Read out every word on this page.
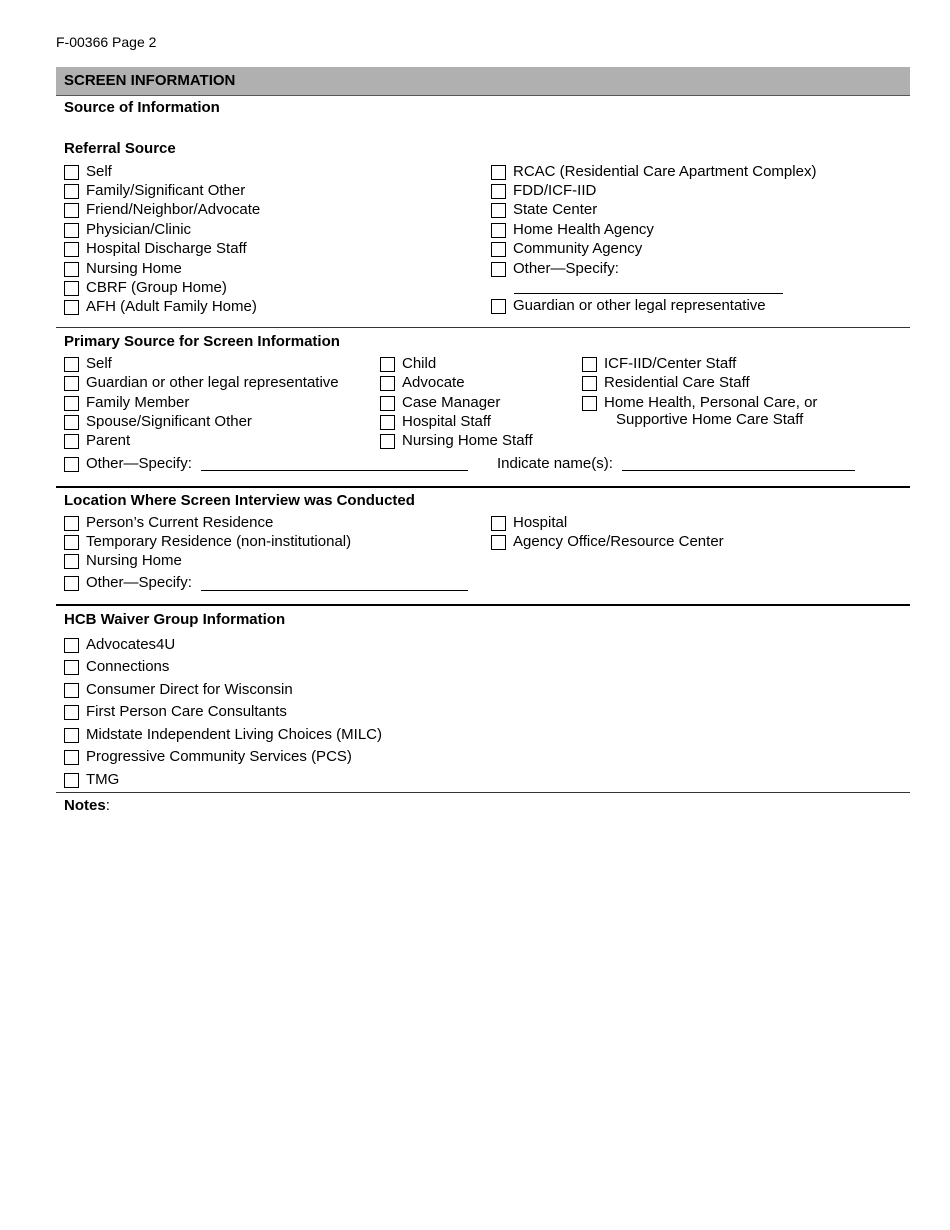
F-00366 Page 2
SCREEN INFORMATION
Source of Information
Referral Source
Self
Family/Significant Other
Friend/Neighbor/Advocate
Physician/Clinic
Hospital Discharge Staff
Nursing Home
CBRF (Group Home)
AFH (Adult Family Home)
RCAC (Residential Care Apartment Complex)
FDD/ICF-IID
State Center
Home Health Agency
Community Agency
Other—Specify:
Guardian or other legal representative
Primary Source for Screen Information
Self
Guardian or other legal representative
Family Member
Spouse/Significant Other
Parent
Child
Advocate
Case Manager
Hospital Staff
Nursing Home Staff
ICF-IID/Center Staff
Residential Care Staff
Home Health, Personal Care, or
Supportive Home Care Staff
Other—Specify:	Indicate name(s):
Location Where Screen Interview was Conducted
Person’s Current Residence
Temporary Residence (non-institutional)
Nursing Home
Other—Specify:
Hospital
Agency Office/Resource Center
HCB Waiver Group Information
Advocates4U
Connections
Consumer Direct for Wisconsin
First Person Care Consultants
Midstate Independent Living Choices (MILC)
Progressive Community Services (PCS)
TMG
Notes:
